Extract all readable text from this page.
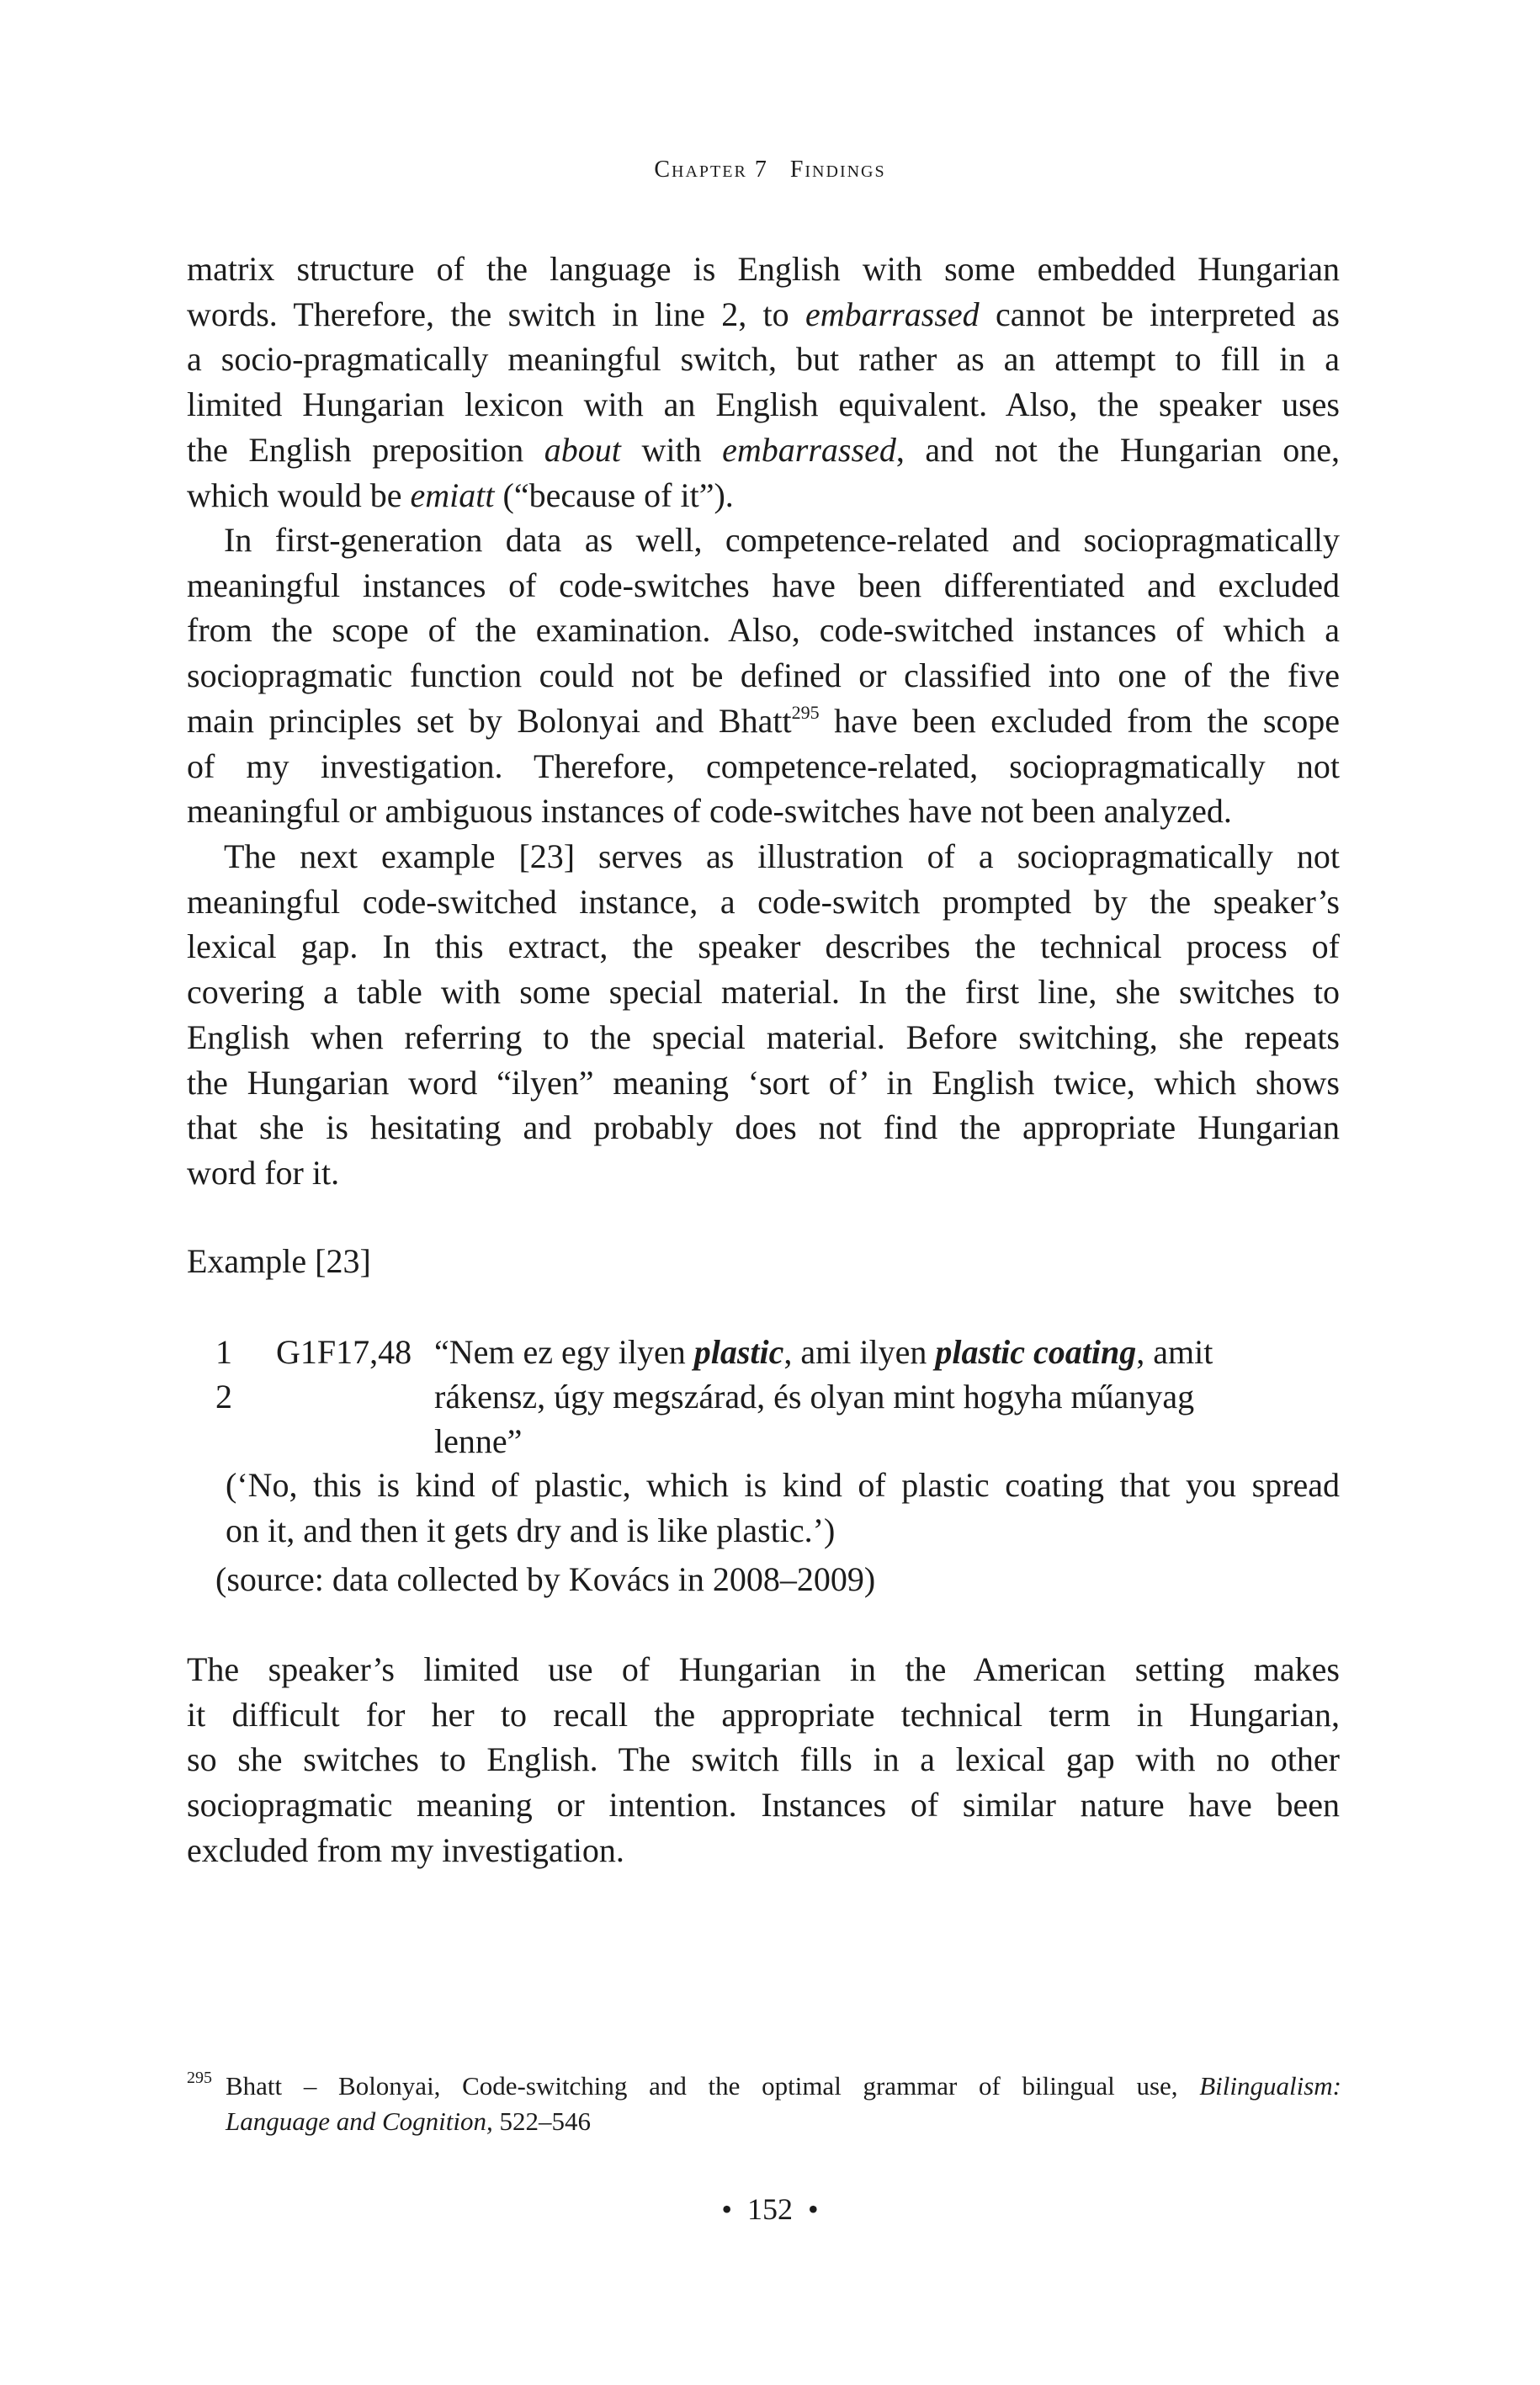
Chapter 7 Findings
matrix structure of the language is English with some embedded Hungarian
words. Therefore, the switch in line 2, to embarrassed cannot be interpreted as
a socio-pragmatically meaningful switch, but rather as an attempt to fill in a
limited Hungarian lexicon with an English equivalent. Also, the speaker uses
the English preposition about with embarrassed, and not the Hungarian one,
which would be emiatt (“because of it”).
In first-generation data as well, competence-related and sociopragmatically
meaningful instances of code-switches have been differentiated and excluded
from the scope of the examination. Also, code-switched instances of which a
sociopragmatic function could not be defined or classified into one of the five
main principles set by Bolonyai and Bhatt$^{295}$ have been excluded from the scope
of my investigation. Therefore, competence-related, sociopragmatically not
meaningful or ambiguous instances of code-switches have not been analyzed.
The next example [23] serves as illustration of a sociopragmatically not
meaningful code-switched instance, a code-switch prompted by the speaker’s
lexical gap. In this extract, the speaker describes the technical process of
covering a table with some special material. In the first line, she switches to
English when referring to the special material. Before switching, she repeats
the Hungarian word “ilyen” meaning ‘sort of’ in English twice, which shows
that she is hesitating and probably does not find the appropriate Hungarian
word for it.
Example [23]
1	G1F17,48 “Nem ez egy ilyen plastic, ami ilyen plastic coating, amit
2	rákensz, úgy megszárad, és olyan mint hogyha műanyag
lenne”
(‘No, this is kind of plastic, which is kind of plastic coating that you spread
on it, and then it gets dry and is like plastic.’)
(source: data collected by Kovács in 2008–2009)
The speaker’s limited use of Hungarian in the American setting makes
it difficult for her to recall the appropriate technical term in Hungarian,
so she switches to English. The switch fills in a lexical gap with no other
sociopragmatic meaning or intention. Instances of similar nature have been
excluded from my investigation.
295 Bhatt – Bolonyai, Code-switching and the optimal grammar of bilingual use, Bilingualism:
Language and Cognition, 522–546
• 152 •
